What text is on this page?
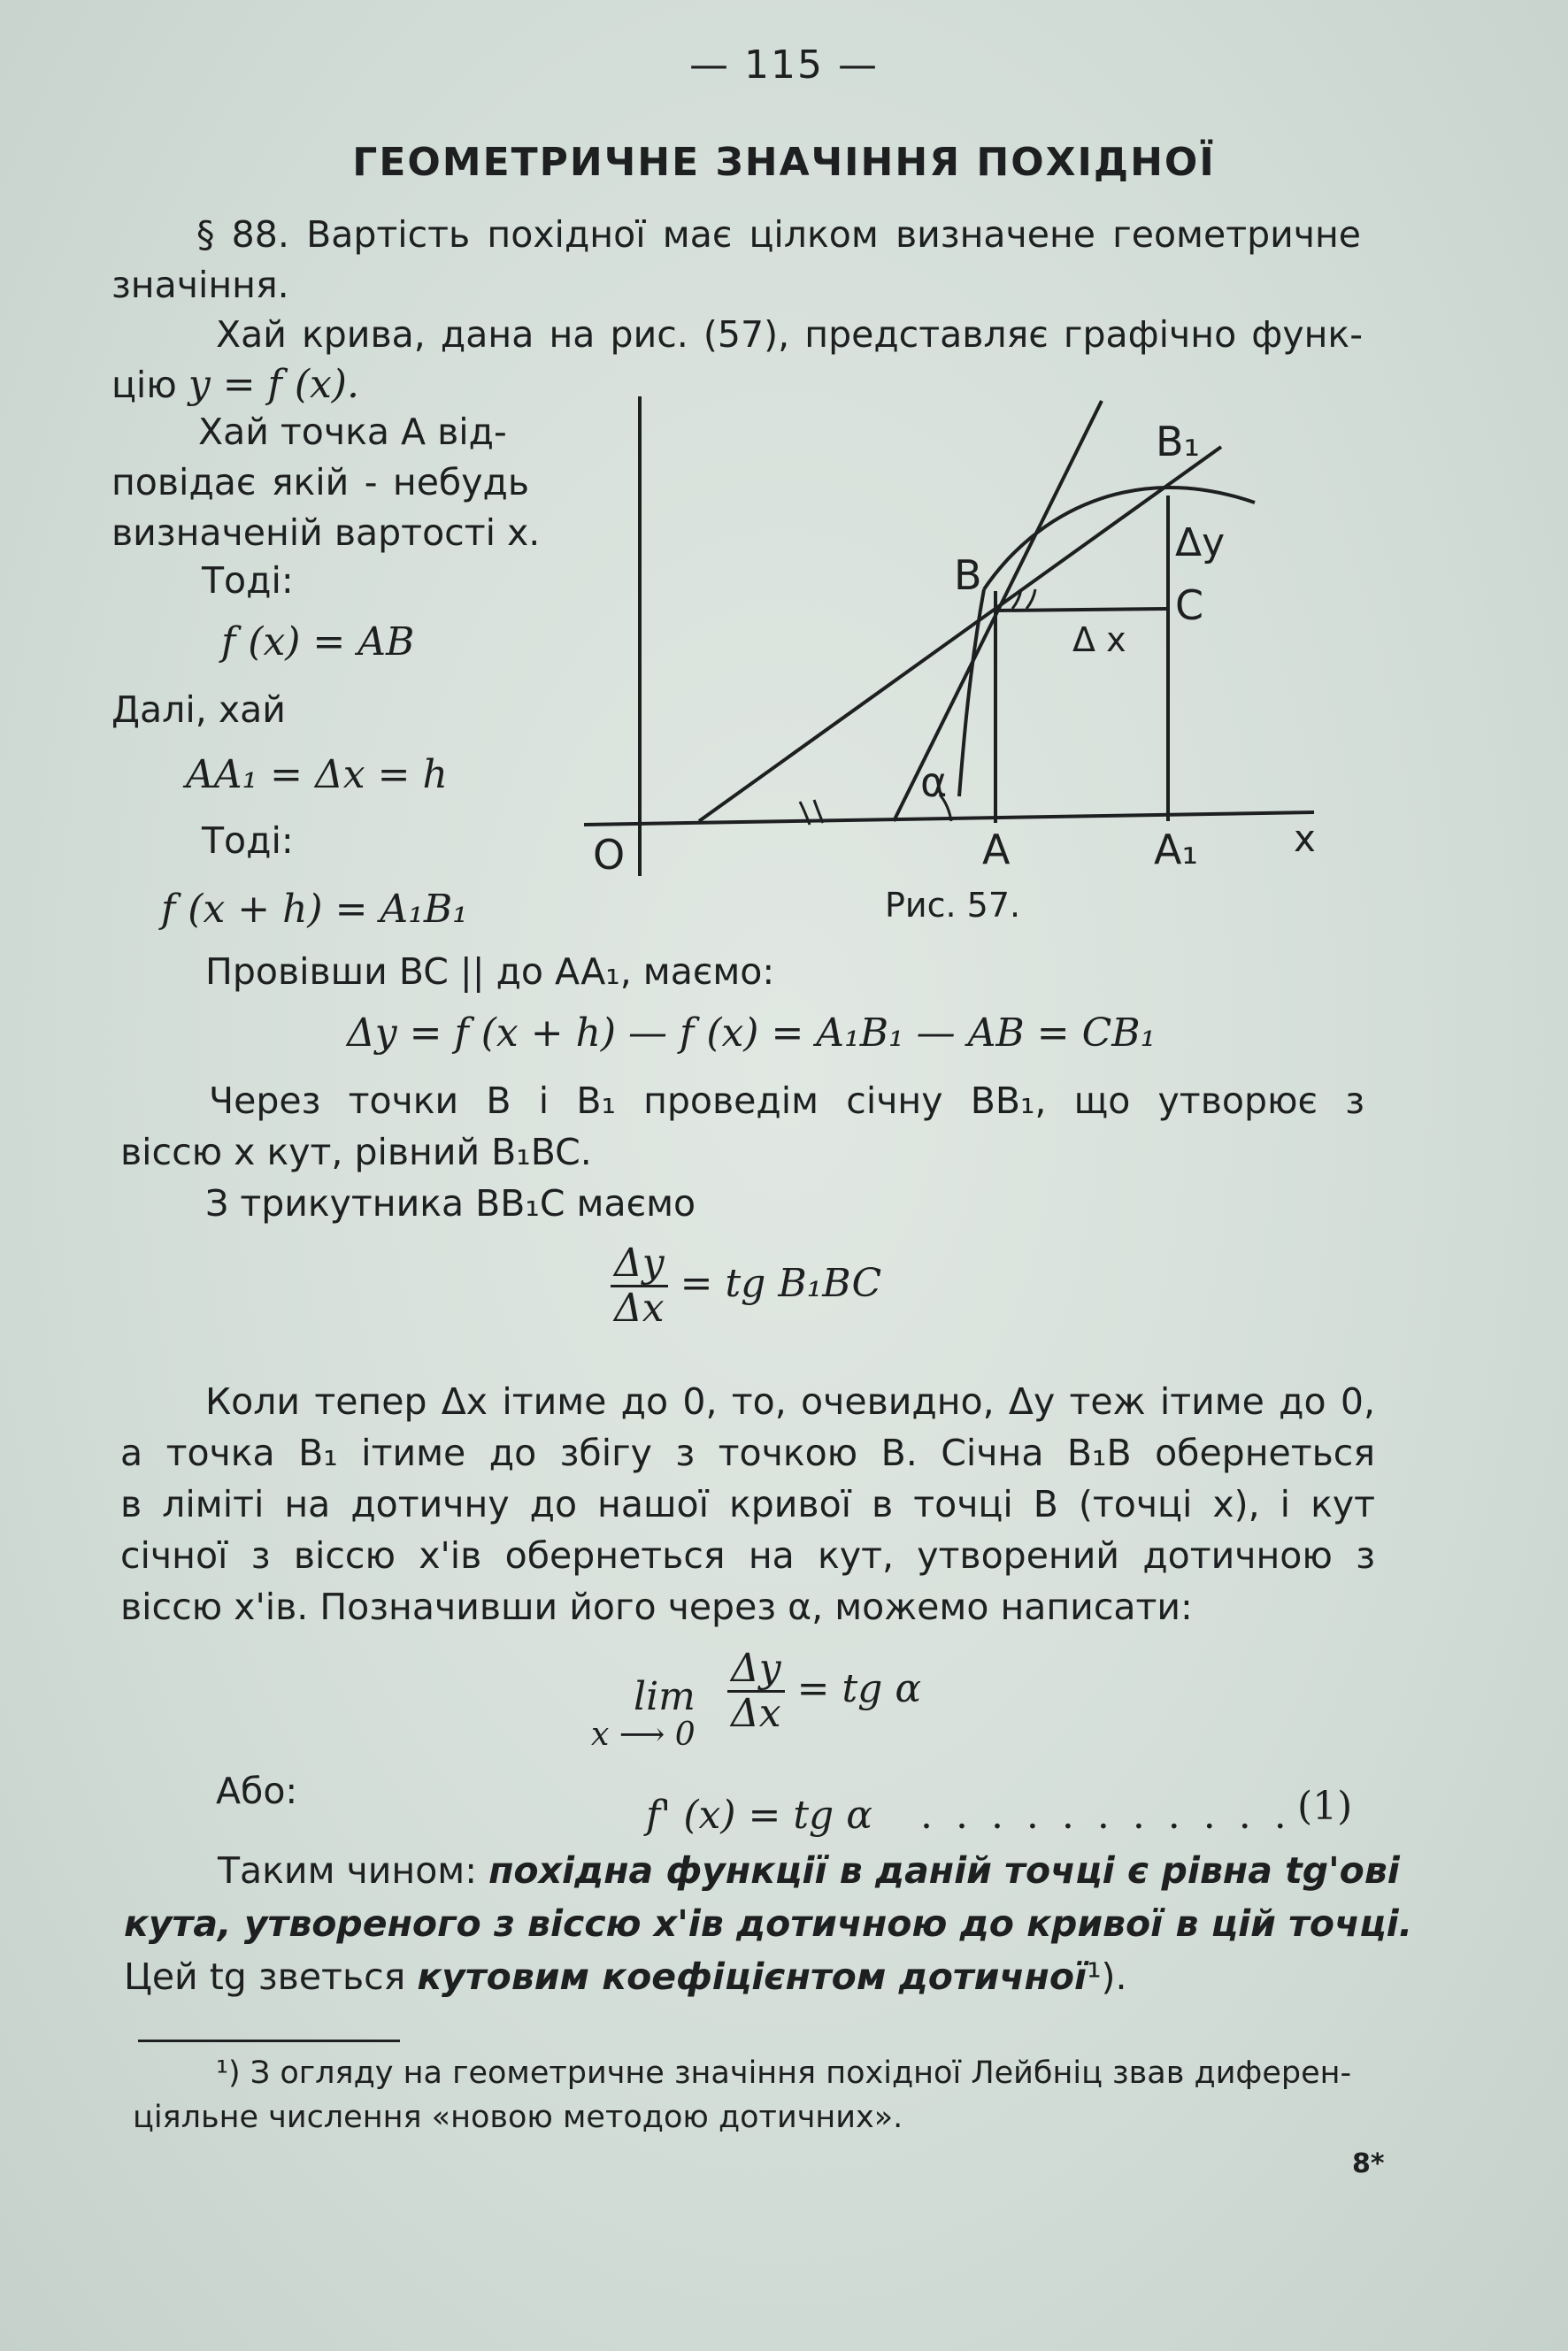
— 115 —
ГЕОМЕТРИЧНЕ ЗНАЧІННЯ ПОХІДНОЇ
§ 88. Вартість похідної має цілком визначене геометричне
значіння.
Хай крива, дана на рис. (57), представляє графічно функ-
цію y = f (x).
Хай точка A від-
повідає якій - небудь
визначеній вартості x.
Тоді:
f (x) = AB
Далі, хай
AA₁ = Δx = h
Тоді:
f (x + h) = A₁B₁
B₁
B
C
Δy
Δ x
α
O	A	A₁	x
Рис. 57.
Провівши BC || до AA₁, маємо:
Δy = f (x + h) — f (x) = A₁B₁ — AB = CB₁
Через точки B і B₁ проведім січну BB₁, що утворює з
віссю x кут, рівний B₁BC.
З трикутника BB₁C маємо
$\frac{\Delta y}{\Delta x}$ = tg B₁BC
Коли тепер Δx ітиме до 0, то, очевидно, Δy теж ітиме до 0,
а точка B₁ ітиме до збігу з точкою B. Січна B₁B обернеться
в ліміті на дотичну до нашої кривої в точці B (точці x), і кут
січної з віссю x'ів обернеться на кут, утворений дотичною з
віссю x'ів. Позначивши його через α, можемо написати:
lim
x ⟶ $0 \frac{\Delta y}{\Delta x}$ = tg α
Або:
f' (x) = tg α . . . . . . . . . . . (1)
Таким чином: похідна функції в даній точці є рівна tg'ові
кута, утвореного з віссю x'ів дотичною до кривої в цій точці.
Цей tg зветься кутовим коефіцієнтом дотичної¹).
¹) З огляду на геометричне значіння похідної Лейбніц звав диферен-
ціяльне числення «новою методою дотичних».
8*
